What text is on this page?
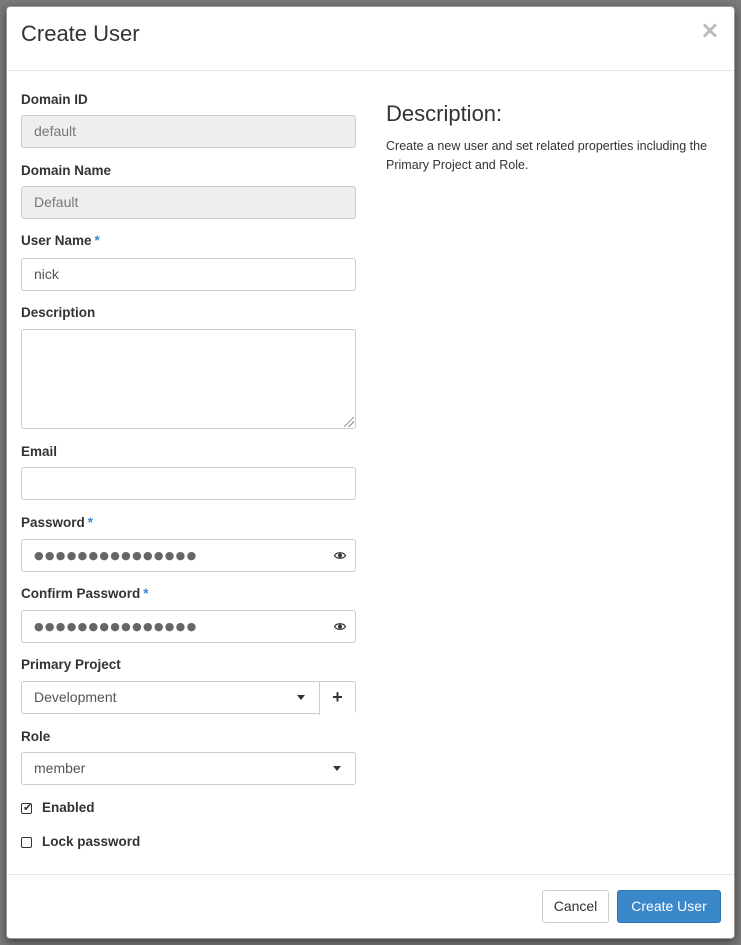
Create User	×
Domain ID
default
Domain Name
Default
User Name *
nick
Description
Email
Password *
●●●●●●●●●●●●●●●
Confirm Password *
●●●●●●●●●●●●●●●
Primary Project
Development	+
Role
member
✔ Enabled
Lock password
Description:

Create a new user and set related properties including the Primary Project and Role.

Cancel	Create User
